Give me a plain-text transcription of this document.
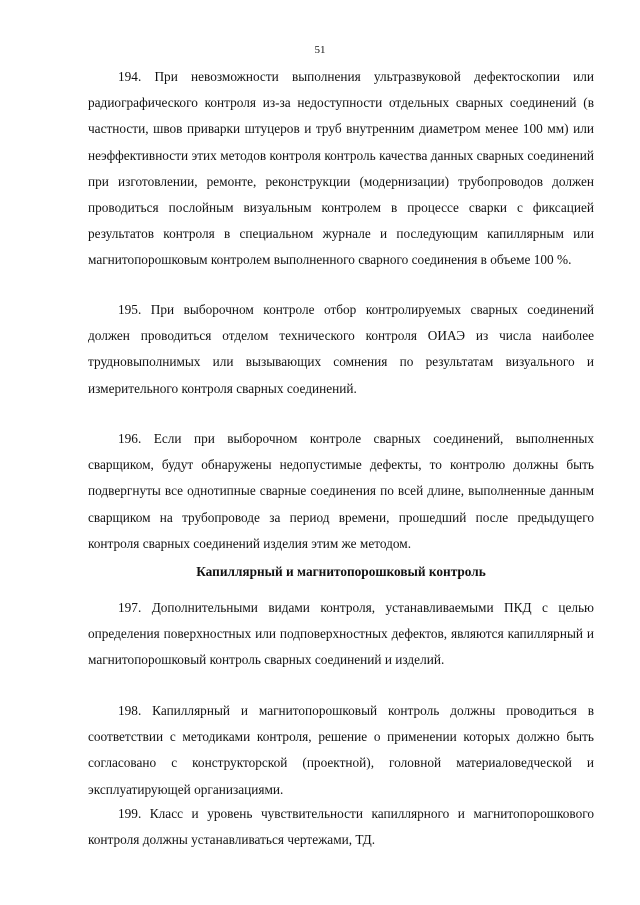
51

194. При невозможности выполнения ультразвуковой дефектоскопии или радиографического контроля из-за недоступности отдельных сварных соединений (в частности, швов приварки штуцеров и труб внутренним диаметром менее 100 мм) или неэффективности этих методов контроля контроль качества данных сварных соединений при изготовлении, ремонте, реконструкции (модернизации) трубопроводов должен проводиться послойным визуальным контролем в процессе сварки с фиксацией результатов контроля в специальном журнале и последующим капиллярным или магнитопорошковым контролем выполненного сварного соединения в объеме 100 %.

195. При выборочном контроле отбор контролируемых сварных соединений должен проводиться отделом технического контроля ОИАЭ из числа наиболее трудновыполнимых или вызывающих сомнения по результатам визуального и измерительного контроля сварных соединений.

196. Если при выборочном контроле сварных соединений, выполненных сварщиком, будут обнаружены недопустимые дефекты, то контролю должны быть подвергнуты все однотипные сварные соединения по всей длине, выполненные данным сварщиком на трубопроводе за период времени, прошедший после предыдущего контроля сварных соединений изделия этим же методом.

Капиллярный и магнитопорошковый контроль

197. Дополнительными видами контроля, устанавливаемыми ПКД с целью определения поверхностных или подповерхностных дефектов, являются капиллярный и магнитопорошковый контроль сварных соединений и изделий.

198. Капиллярный и магнитопорошковый контроль должны проводиться в соответствии с методиками контроля, решение о применении которых должно быть согласовано с конструкторской (проектной), головной материаловедческой и эксплуатирующей организациями.

199. Класс и уровень чувствительности капиллярного и магнитопорошкового контроля должны устанавливаться чертежами, ТД.
